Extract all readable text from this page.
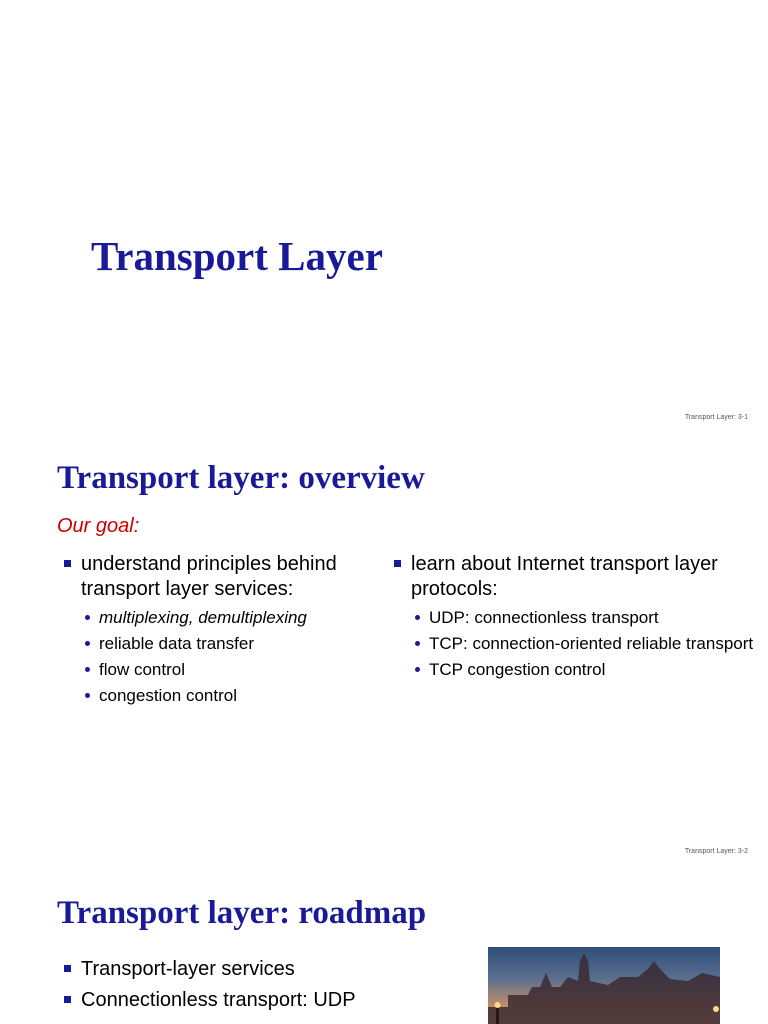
Transport Layer
Transport Layer: 3-1
Transport layer: overview

Our goal:

understand principles behind transport layer services:
multiplexing, demultiplexing
reliable data transfer
flow control
congestion control
learn about Internet transport layer protocols:
UDP: connectionless transport
TCP: connection-oriented reliable transport
TCP congestion control
Transport Layer: 3-2
Transport layer: roadmap
Transport-layer services
Connectionless transport: UDP
